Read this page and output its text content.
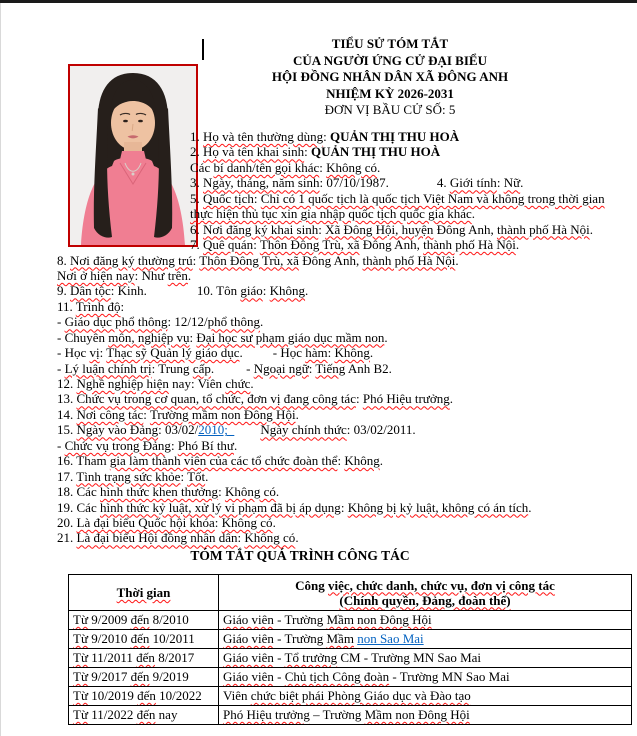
TIỂU SỬ TÓM TẮT
CỦA NGƯỜI ỨNG CỬ ĐẠI BIỂU
HỘI ĐỒNG NHÂN DÂN XÃ ĐÔNG ANH
NHIỆM KỲ 2026-2031
ĐƠN VỊ BẦU CỬ SỐ: 5
1. Họ và tên thường dùng: QUẢN THỊ THU HOÀ
2. Họ và tên khai sinh: QUẢN THỊ THU HOÀ
Các bí danh/tên gọi khác: Không có.
3. Ngày, tháng, năm sinh: 07/10/1987.	4. Giới tính: Nữ.
5. Quốc tịch: Chỉ có 1 quốc tịch là quốc tịch Việt Nam và không trong thời gian
thực hiện thủ tục xin gia nhập quốc tịch quốc gia khác.
6. Nơi đăng ký khai sinh: Xã Đông Hội, huyện Đông Anh, thành phố Hà Nội.
7. Quê quán: Thôn Đông Trù, xã Đông Anh, thành phố Hà Nội.
8. Nơi đăng ký thường trú: Thôn Đông Trù, xã Đông Anh, thành phố Hà Nội.
Nơi ở hiện nay: Như trên.
9. Dân tộc: Kinh.	10. Tôn giáo: Không.
11. Trình độ:
- Giáo dục phổ thông: 12/12/phổ thông.
- Chuyên môn, nghiệp vụ: Đại học sư phạm giáo dục mầm non.
- Học vị: Thạc sỹ Quản lý giáo dục. - Học hàm: Không.
- Lý luận chính trị: Trung cấp. - Ngoại ngữ: Tiếng Anh B2.
12. Nghề nghiệp hiện nay: Viên chức.
13. Chức vụ trong cơ quan, tổ chức, đơn vị đang công tác: Phó Hiệu trưởng.
14. Nơi công tác: Trường mầm non Đông Hội.
15. Ngày vào Đảng: 03/02/2010;  Ngày chính thức: 03/02/2011.
- Chức vụ trong Đảng: Phó Bí thư.
16. Tham gia làm thành viên của các tổ chức đoàn thể: Không.
17. Tình trạng sức khỏe: Tốt.
18. Các hình thức khen thưởng: Không có.
19. Các hình thức kỷ luật, xử lý vi phạm đã bị áp dụng: Không bị kỷ luật, không có án tích.
20. Là đại biểu Quốc hội khóa: Không có.
21. Là đại biểu Hội đồng nhân dân: Không có.
TÓM TẮT QUÁ TRÌNH CÔNG TÁC
Thời gian	Công việc, chức danh, chức vụ, đơn vị công tác
(Chính quyền, Đảng, đoàn thể)

Từ 9/2009 đến 8/2010	Giáo viên - Trường Mầm non Đông Hội
Từ 9/2010 đến 10/2011	Giáo viên - Trường Mầm non Sao Mai
Từ 11/2011 đến 8/2017	Giáo viên - Tổ trưởng CM - Trường MN Sao Mai
Từ 9/2017 đến 9/2019	Giáo viên - Chủ tịch Công đoàn - Trường MN Sao Mai
Từ 10/2019 đến 10/2022	Viên chức biệt phái Phòng Giáo dục và Đào tạo
Từ 11/2022 đến nay	Phó Hiệu trưởng – Trường Mầm non Đông Hội
